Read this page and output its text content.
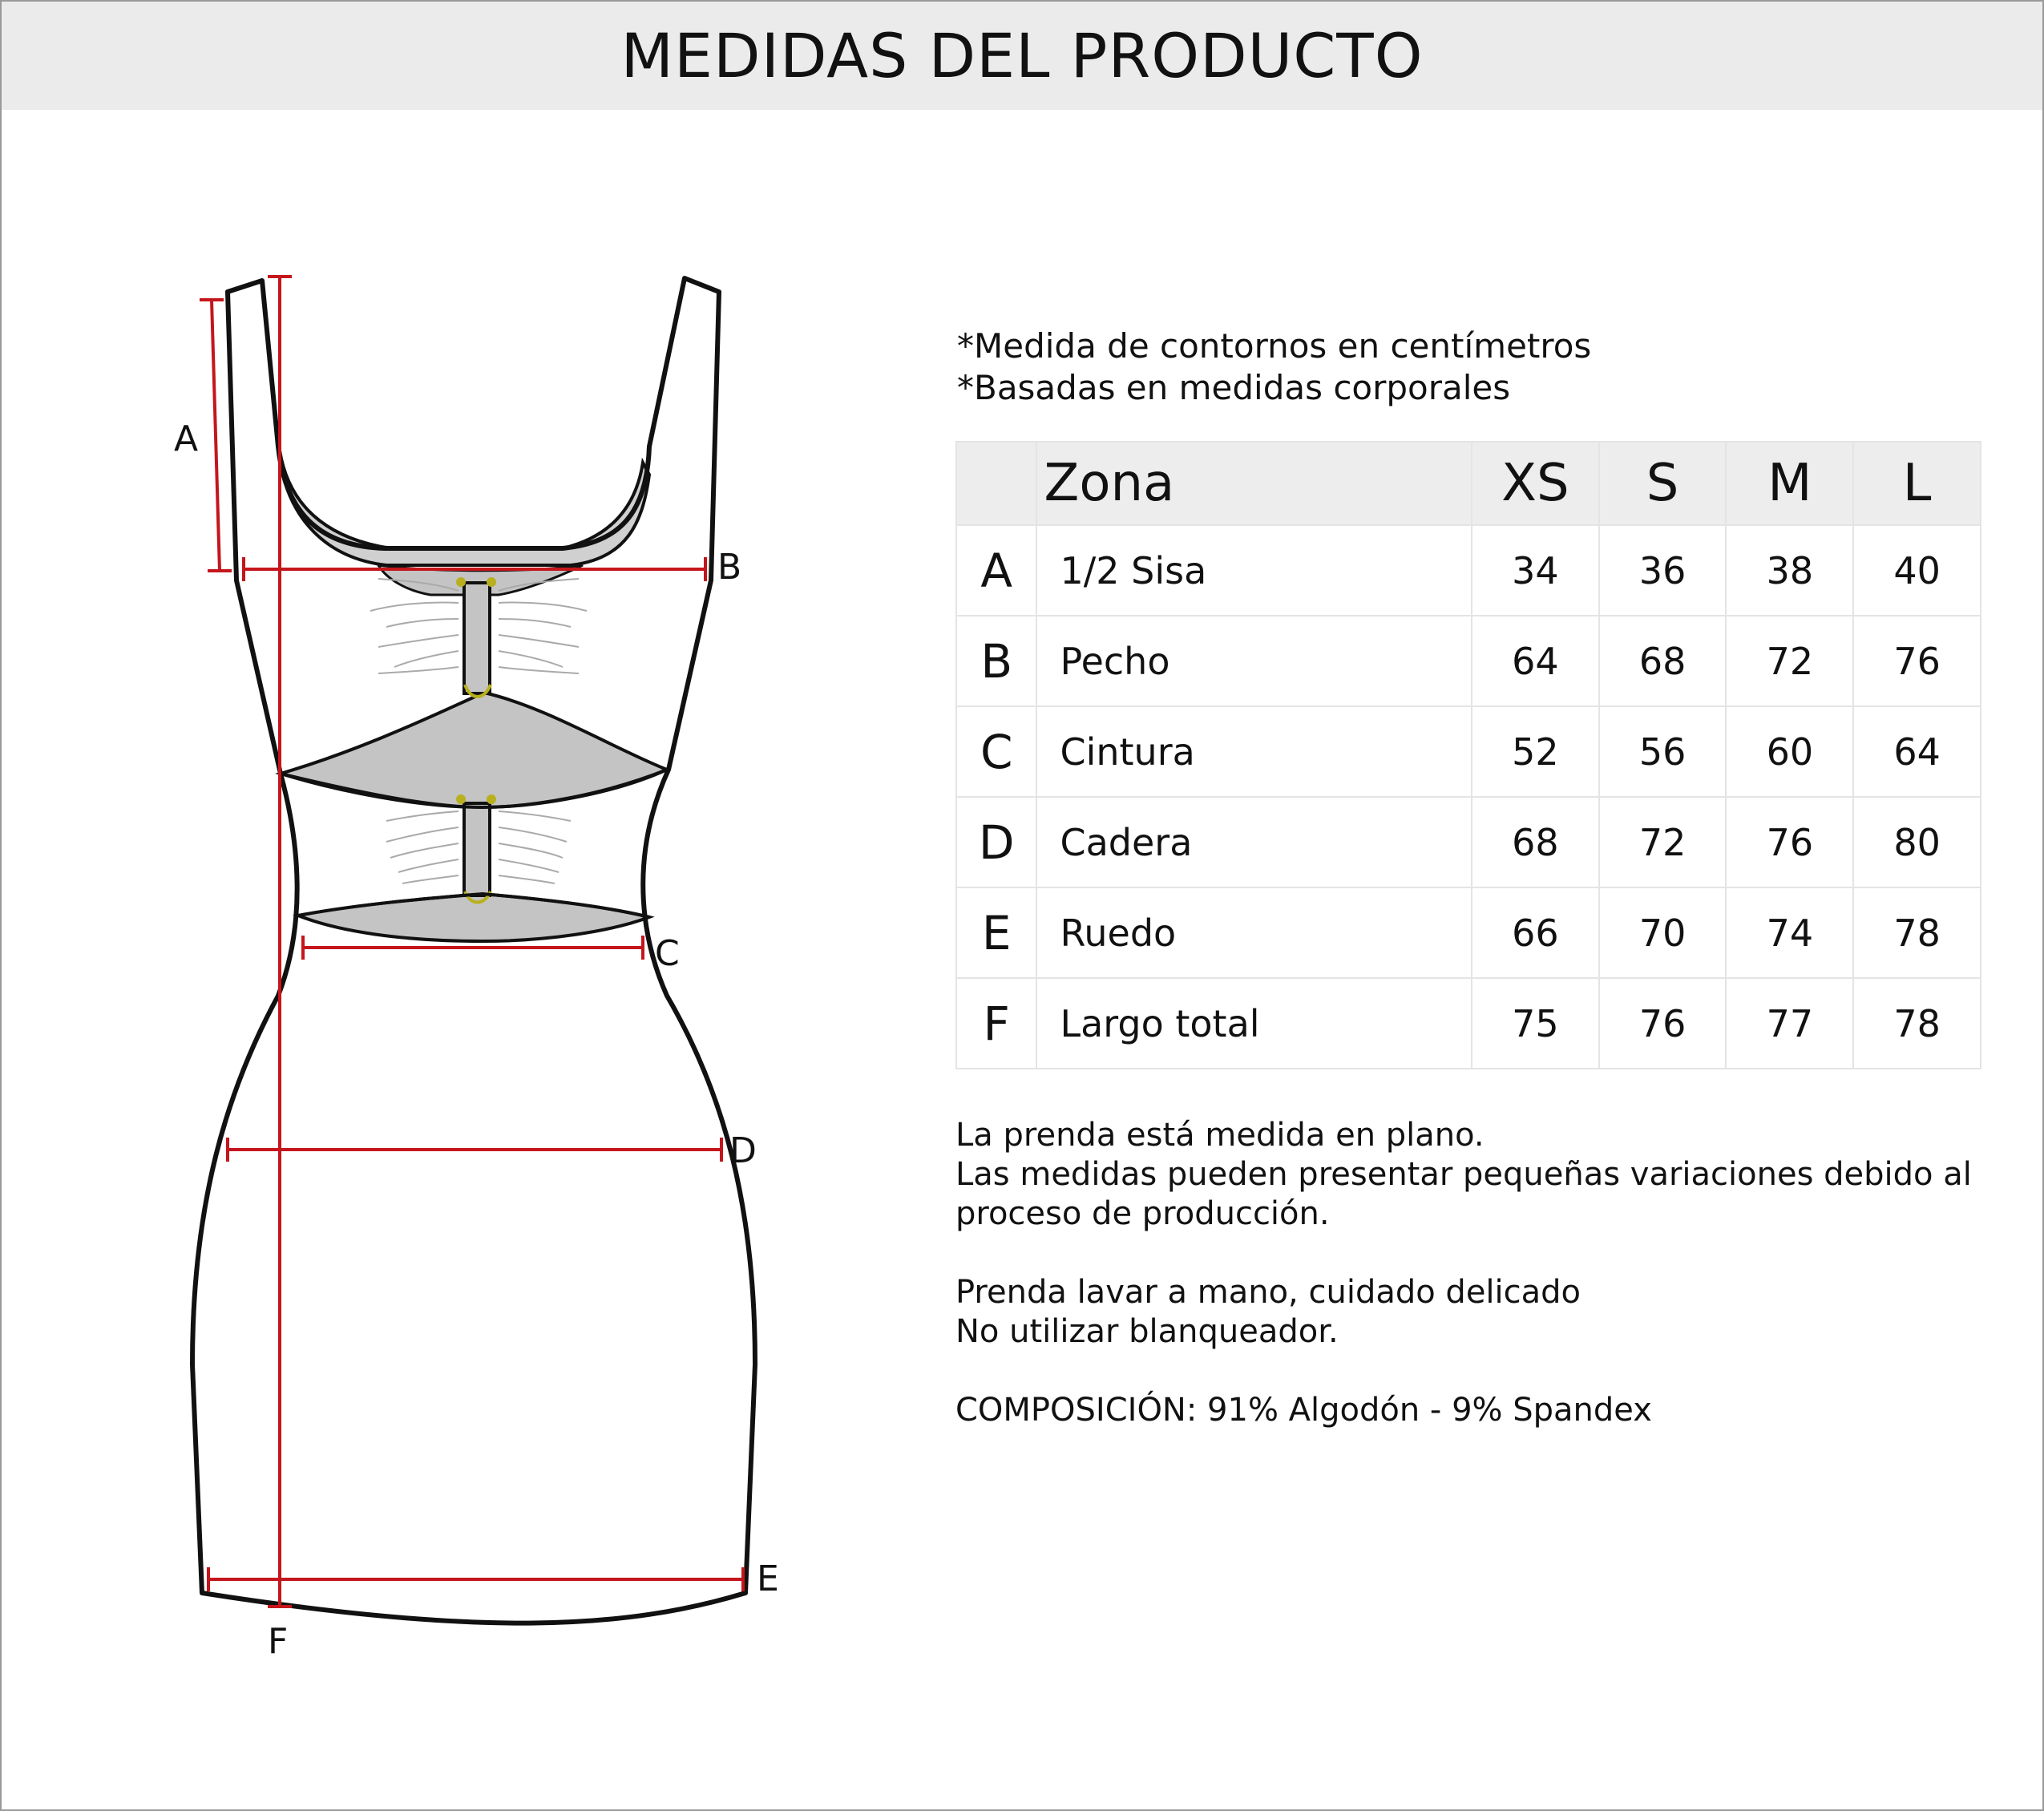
MEDIDAS DEL PRODUCTO
A
B
C
D
E
F
*Medida de contornos en centímetros
*Basadas en medidas corporales
	Zona	XS	S	M	L
A	1/2 Sisa	34	36	38	40
B	Pecho	64	68	72	76
C	Cintura	52	56	60	64
D	Cadera	68	72	76	80
E	Ruedo	66	70	74	78
F	Largo total	75	76	77	78
La prenda está medida en plano.
Las medidas pueden presentar pequeñas variaciones debido al
proceso de producción.
Prenda lavar a mano, cuidado delicado
No utilizar blanqueador.
COMPOSICIÓN: 91% Algodón - 9% Spandex
